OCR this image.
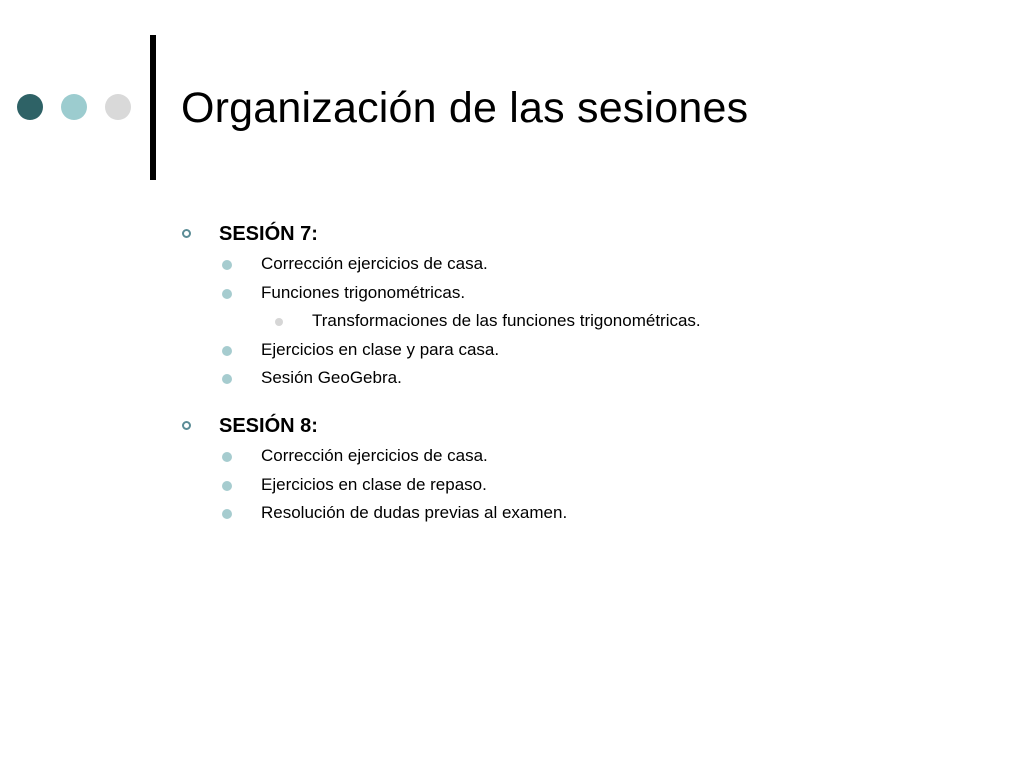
Organización de las sesiones
SESIÓN 7:
Corrección ejercicios de casa.
Funciones trigonométricas.
Transformaciones de las funciones trigonométricas.
Ejercicios en clase y para casa.
Sesión GeoGebra.
SESIÓN 8:
Corrección ejercicios de casa.
Ejercicios en clase de repaso.
Resolución de dudas previas al examen.
